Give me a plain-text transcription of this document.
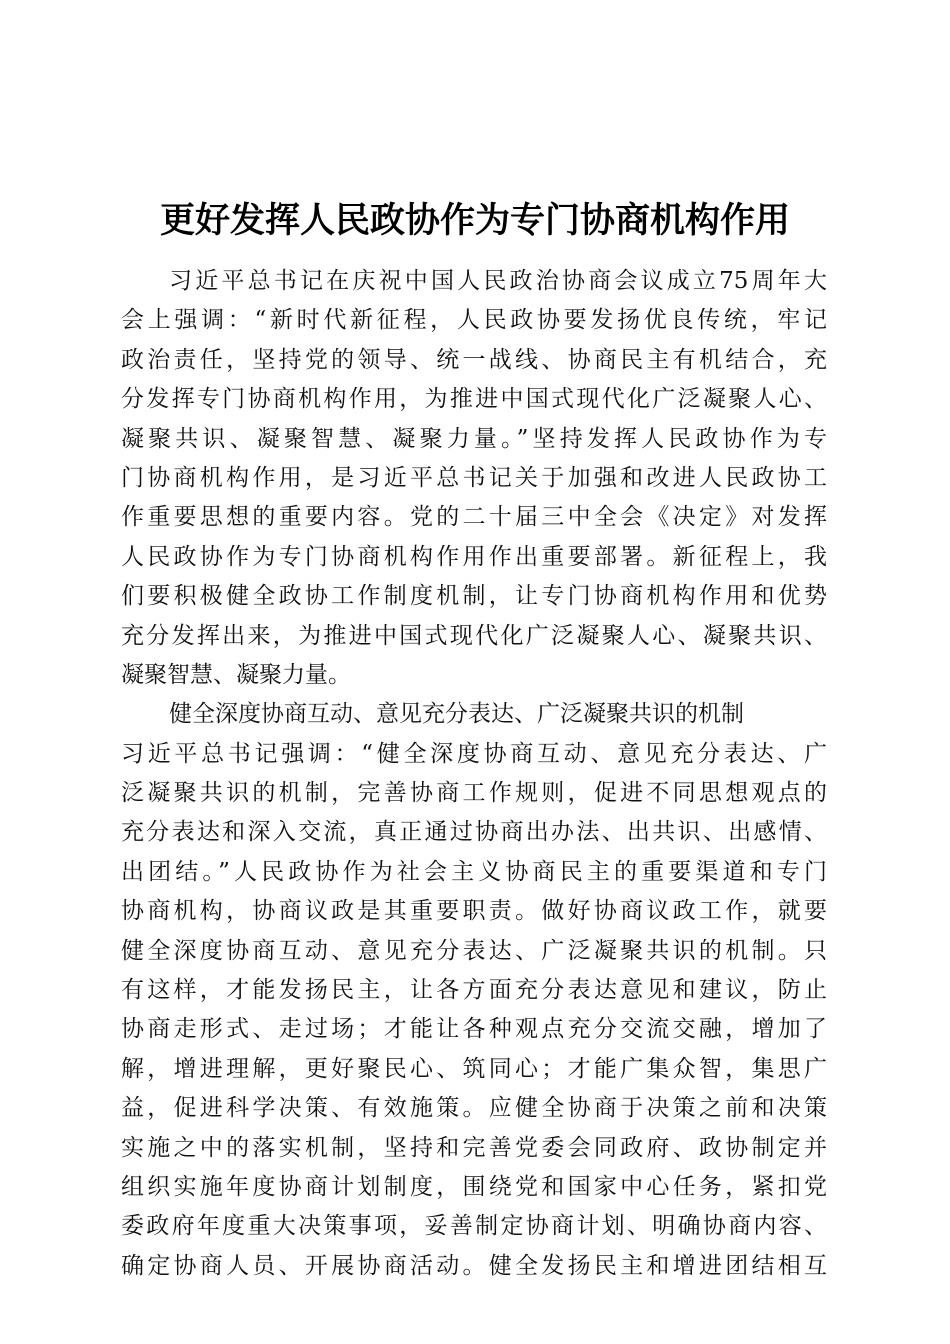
更好发挥人民政协作为专门协商机构作用
习近平总书记在庆祝中国人民政治协商会议成立75周年大
会上强调：“新时代新征程，人民政协要发扬优良传统，牢记
政治责任，坚持党的领导、统一战线、协商民主有机结合，充
分发挥专门协商机构作用，为推进中国式现代化广泛凝聚人心、
凝聚共识、凝聚智慧、凝聚力量。”坚持发挥人民政协作为专
门协商机构作用，是习近平总书记关于加强和改进人民政协工
作重要思想的重要内容。党的二十届三中全会《决定》对发挥
人民政协作为专门协商机构作用作出重要部署。新征程上，我
们要积极健全政协工作制度机制，让专门协商机构作用和优势
充分发挥出来，为推进中国式现代化广泛凝聚人心、凝聚共识、
凝聚智慧、凝聚力量。
健全深度协商互动、意见充分表达、广泛凝聚共识的机制
习近平总书记强调：“健全深度协商互动、意见充分表达、广
泛凝聚共识的机制，完善协商工作规则，促进不同思想观点的
充分表达和深入交流，真正通过协商出办法、出共识、出感情、
出团结。”人民政协作为社会主义协商民主的重要渠道和专门
协商机构，协商议政是其重要职责。做好协商议政工作，就要
健全深度协商互动、意见充分表达、广泛凝聚共识的机制。只
有这样，才能发扬民主，让各方面充分表达意见和建议，防止
协商走形式、走过场；才能让各种观点充分交流交融，增加了
解，增进理解，更好聚民心、筑同心；才能广集众智，集思广
益，促进科学决策、有效施策。应健全协商于决策之前和决策
实施之中的落实机制，坚持和完善党委会同政府、政协制定并
组织实施年度协商计划制度，围绕党和国家中心任务，紧扣党
委政府年度重大决策事项，妥善制定协商计划、明确协商内容、
确定协商人员、开展协商活动。健全发扬民主和增进团结相互
